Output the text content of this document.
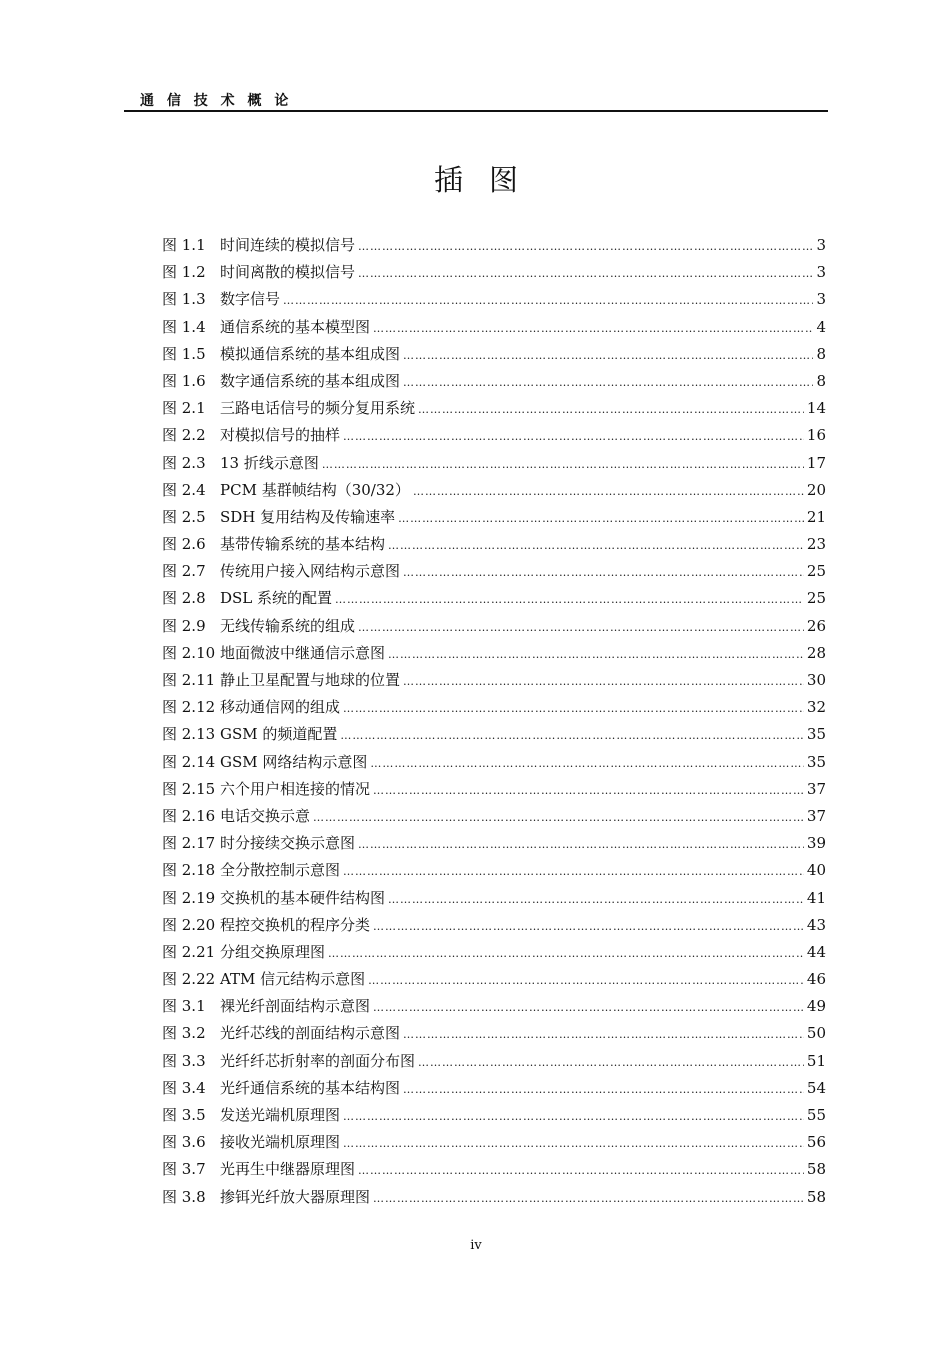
通 信 技 术 概 论
插图
图 1.1 时间连续的模拟信号 …………………………………………………………………………………………………………………………………………………………………………………………………………………………………………	3
图 1.2 时间离散的模拟信号 …………………………………………………………………………………………………………………………………………………………………………………………………………………………………………	3
图 1.3 数字信号 …………………………………………………………………………………………………………………………………………………………………………………………………………………………………………	3
图 1.4 通信系统的基本模型图 …………………………………………………………………………………………………………………………………………………………………………………………………………………………………………	4
图 1.5 模拟通信系统的基本组成图 …………………………………………………………………………………………………………………………………………………………………………………………………………………………………………	8
图 1.6 数字通信系统的基本组成图 …………………………………………………………………………………………………………………………………………………………………………………………………………………………………………	8
图 2.1 三路电话信号的频分复用系统 …………………………………………………………………………………………………………………………………………………………………………………………………………………………………………	14
图 2.2 对模拟信号的抽样 …………………………………………………………………………………………………………………………………………………………………………………………………………………………………………	16
图 2.3 13 折线示意图 …………………………………………………………………………………………………………………………………………………………………………………………………………………………………………	17
图 2.4 PCM 基群帧结构（30/32） …………………………………………………………………………………………………………………………………………………………………………………………………………………………………………	20
图 2.5 SDH 复用结构及传输速率 …………………………………………………………………………………………………………………………………………………………………………………………………………………………………………	21
图 2.6 基带传输系统的基本结构 …………………………………………………………………………………………………………………………………………………………………………………………………………………………………………	23
图 2.7 传统用户接入网结构示意图 …………………………………………………………………………………………………………………………………………………………………………………………………………………………………………	25
图 2.8 DSL 系统的配置 …………………………………………………………………………………………………………………………………………………………………………………………………………………………………………	25
图 2.9 无线传输系统的组成 …………………………………………………………………………………………………………………………………………………………………………………………………………………………………………	26
图 2.10 地面微波中继通信示意图 …………………………………………………………………………………………………………………………………………………………………………………………………………………………………………	28
图 2.11 静止卫星配置与地球的位置 …………………………………………………………………………………………………………………………………………………………………………………………………………………………………………	30
图 2.12 移动通信网的组成 …………………………………………………………………………………………………………………………………………………………………………………………………………………………………………	32
图 2.13 GSM 的频道配置 …………………………………………………………………………………………………………………………………………………………………………………………………………………………………………	35
图 2.14 GSM 网络结构示意图 …………………………………………………………………………………………………………………………………………………………………………………………………………………………………………	35
图 2.15 六个用户相连接的情况 …………………………………………………………………………………………………………………………………………………………………………………………………………………………………………	37
图 2.16 电话交换示意 …………………………………………………………………………………………………………………………………………………………………………………………………………………………………………	37
图 2.17 时分接续交换示意图 …………………………………………………………………………………………………………………………………………………………………………………………………………………………………………	39
图 2.18 全分散控制示意图 …………………………………………………………………………………………………………………………………………………………………………………………………………………………………………	40
图 2.19 交换机的基本硬件结构图 …………………………………………………………………………………………………………………………………………………………………………………………………………………………………………	41
图 2.20 程控交换机的程序分类 …………………………………………………………………………………………………………………………………………………………………………………………………………………………………………	43
图 2.21 分组交换原理图 …………………………………………………………………………………………………………………………………………………………………………………………………………………………………………	44
图 2.22 ATM 信元结构示意图 …………………………………………………………………………………………………………………………………………………………………………………………………………………………………………	46
图 3.1 裸光纤剖面结构示意图 …………………………………………………………………………………………………………………………………………………………………………………………………………………………………………	49
图 3.2 光纤芯线的剖面结构示意图 …………………………………………………………………………………………………………………………………………………………………………………………………………………………………………	50
图 3.3 光纤纤芯折射率的剖面分布图 …………………………………………………………………………………………………………………………………………………………………………………………………………………………………………	51
图 3.4 光纤通信系统的基本结构图 …………………………………………………………………………………………………………………………………………………………………………………………………………………………………………	54
图 3.5 发送光端机原理图 …………………………………………………………………………………………………………………………………………………………………………………………………………………………………………	55
图 3.6 接收光端机原理图 …………………………………………………………………………………………………………………………………………………………………………………………………………………………………………	56
图 3.7 光再生中继器原理图 …………………………………………………………………………………………………………………………………………………………………………………………………………………………………………	58
图 3.8 掺铒光纤放大器原理图 …………………………………………………………………………………………………………………………………………………………………………………………………………………………………………	58
iv
